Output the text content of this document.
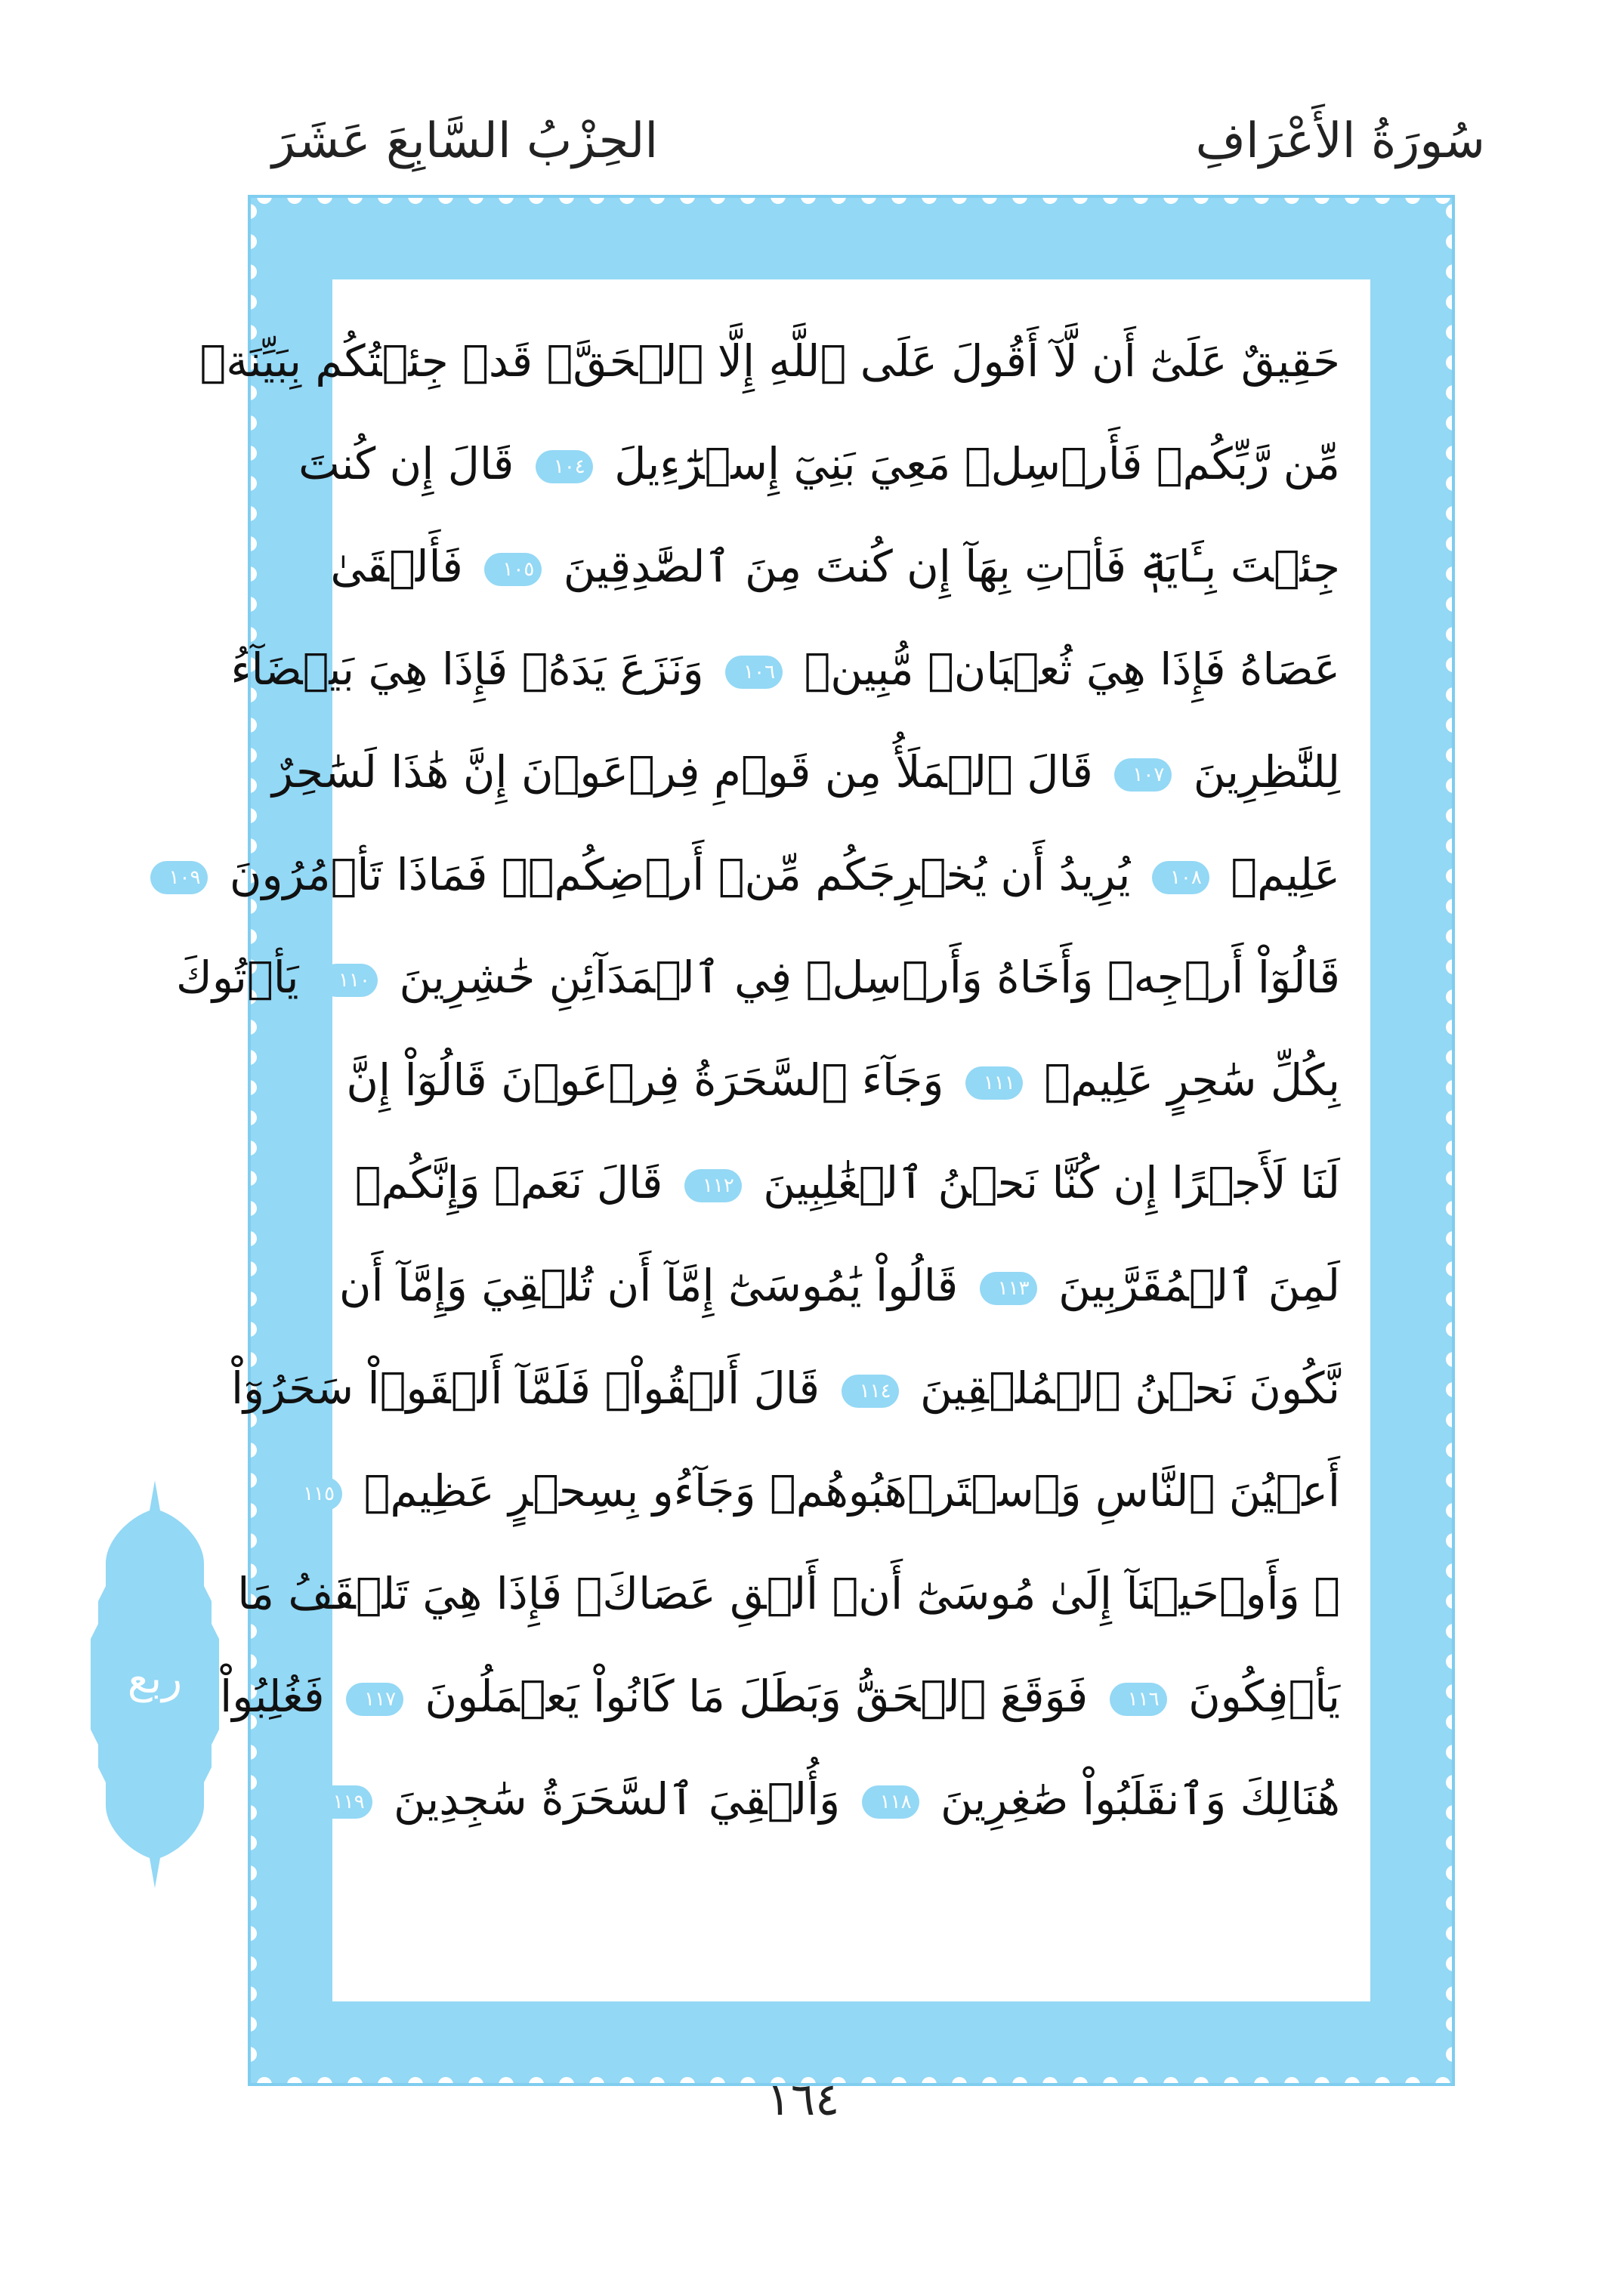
سُورَةُ الأَعْرَافِ
الحِزْبُ السَّابِعَ عَشَرَ
حَقِيقٌ عَلَىٰٓ أَن لَّآ أَقُولَ عَلَى ٱللَّهِ إِلَّا ٱلۡحَقَّۚ قَدۡ جِئۡتُكُم بِبَيِّنَةٖ
مِّن رَّبِّكُمۡ فَأَرۡسِلۡ مَعِيَ بَنِيٓ إِسۡرَٰٓءِيلَ ١٠٤ قَالَ إِن كُنتَ
جِئۡتَ بِـَٔايَةٖ فَأۡتِ بِهَآ إِن كُنتَ مِنَ ٱلصَّٰدِقِينَ ١٠٥ فَأَلۡقَىٰ
عَصَاهُ فَإِذَا هِيَ ثُعۡبَانٞ مُّبِينٞ ١٠٦ وَنَزَعَ يَدَهُۥ فَإِذَا هِيَ بَيۡضَآءُ
لِلنَّٰظِرِينَ ١٠٧ قَالَ ٱلۡمَلَأُ مِن قَوۡمِ فِرۡعَوۡنَ إِنَّ هَٰذَا لَسَٰحِرٌ
عَلِيمٞ ١٠٨ يُرِيدُ أَن يُخۡرِجَكُم مِّنۡ أَرۡضِكُمۡۖ فَمَاذَا تَأۡمُرُونَ ١٠٩
قَالُوٓاْ أَرۡجِهۡ وَأَخَاهُ وَأَرۡسِلۡ فِي ٱلۡمَدَآئِنِ حَٰشِرِينَ ١١٠ يَأۡتُوكَ
بِكُلِّ سَٰحِرٍ عَلِيمٖ ١١١ وَجَآءَ ٱلسَّحَرَةُ فِرۡعَوۡنَ قَالُوٓاْ إِنَّ
لَنَا لَأَجۡرًا إِن كُنَّا نَحۡنُ ٱلۡغَٰلِبِينَ ١١٢ قَالَ نَعَمۡ وَإِنَّكُمۡ
لَمِنَ ٱلۡمُقَرَّبِينَ ١١٣ قَالُواْ يَٰمُوسَىٰٓ إِمَّآ أَن تُلۡقِيَ وَإِمَّآ أَن
نَّكُونَ نَحۡنُ ٱلۡمُلۡقِينَ ١١٤ قَالَ أَلۡقُواْۖ فَلَمَّآ أَلۡقَوۡاْ سَحَرُوٓاْ
أَعۡيُنَ ٱلنَّاسِ وَٱسۡتَرۡهَبُوهُمۡ وَجَآءُو بِسِحۡرٍ عَظِيمٖ ١١٥
۞ وَأَوۡحَيۡنَآ إِلَىٰ مُوسَىٰٓ أَنۡ أَلۡقِ عَصَاكَۖ فَإِذَا هِيَ تَلۡقَفُ مَا
يَأۡفِكُونَ ١١٦ فَوَقَعَ ٱلۡحَقُّ وَبَطَلَ مَا كَانُواْ يَعۡمَلُونَ ١١٧ فَغُلِبُواْ
هُنَالِكَ وَٱنقَلَبُواْ صَٰغِرِينَ ١١٨ وَأُلۡقِيَ ٱلسَّحَرَةُ سَٰجِدِينَ ١١٩
ربع
١٦٤
